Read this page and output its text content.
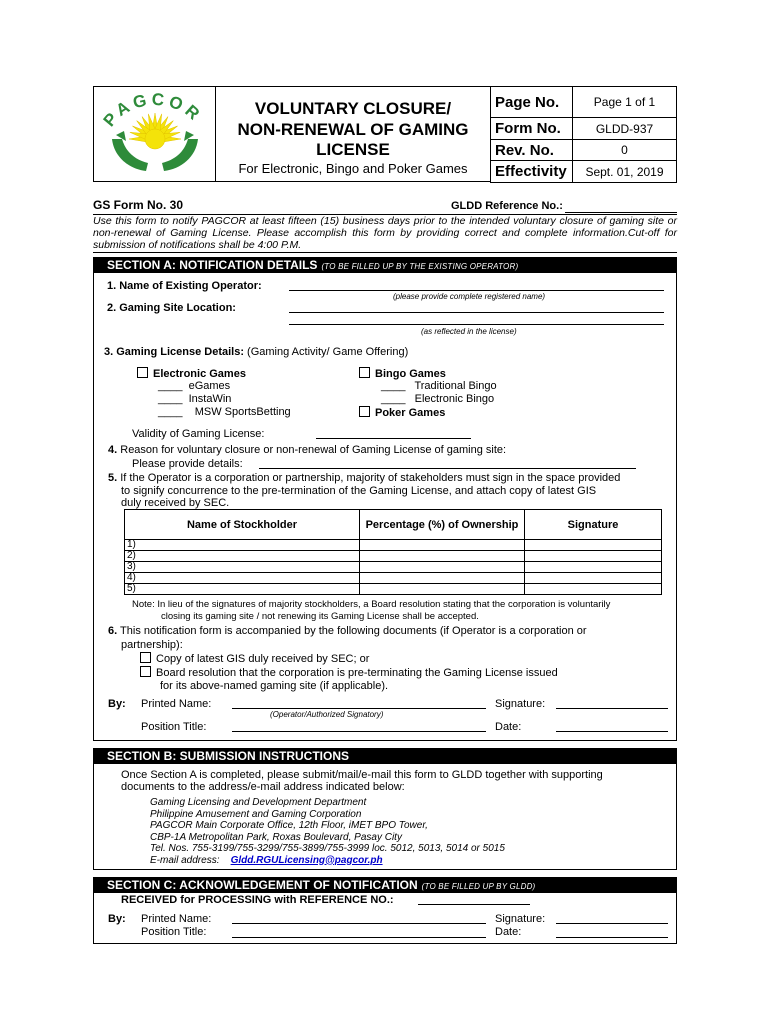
PAGCOR	VOLUNTARY CLOSURE/
NON-RENEWAL OF GAMING
LICENSE
For Electronic, Bingo and Poker Games
Page No.	Page 1 of 1
Form No.	GLDD-937
Rev. No.	0
Effectivity	Sept. 01, 2019
GS Form No. 30	GLDD Reference No.:
Use this form to notify PAGCOR at least fifteen (15) business days prior to the intended voluntary closure of gaming site or non-renewal of Gaming License. Please accomplish this form by providing correct and complete information.Cut-off for submission of notifications shall be 4:00 P.M.
SECTION A: NOTIFICATION DETAILS (TO BE FILLED UP BY THE EXISTING OPERATOR)
1. Name of Existing Operator:
(please provide complete registered name)
2. Gaming Site Location:
(as reflected in the license)
3. Gaming License Details: (Gaming Activity/ Game Offering)
Electronic Games
____  eGames
____  InstaWin
____    MSW SportsBetting
Bingo Games
____   Traditional Bingo
____   Electronic Bingo
Poker Games
Validity of Gaming License:
4. Reason for voluntary closure or non-renewal of Gaming License of gaming site:
Please provide details:
5. If the Operator is a corporation or partnership, majority of stakeholders must sign in the space provided
to signify concurrence to the pre-termination of the Gaming License, and attach copy of latest GIS
duly received by SEC.
Name of Stockholder	Percentage (%) of Ownership	Signature
1)		
2)		
3)		
4)		
5)		
Note: In lieu of the signatures of majority stockholders, a Board resolution stating that the corporation is voluntarily
closing its gaming site / not renewing its Gaming License shall be accepted.
6. This notification form is accompanied by the following documents (if Operator is a corporation or
partnership):
Copy of latest GIS duly received by SEC; or
Board resolution that the corporation is pre-terminating the Gaming License issued
for its above-named gaming site (if applicable).
By: Printed Name:
(Operator/Authorized Signatory)
Signature:
Position Title:	Date:
SECTION B: SUBMISSION INSTRUCTIONS
Once Section A is completed, please submit/mail/e-mail this form to GLDD together with supporting
documents to the address/e-mail address indicated below:
Gaming Licensing and Development Department
Philippine Amusement and Gaming Corporation
PAGCOR Main Corporate Office, 12th Floor, iMET BPO Tower,
CBP-1A Metropolitan Park, Roxas Boulevard, Pasay City
Tel. Nos. 755-3199/755-3299/755-3899/755-3999 loc. 5012, 5013, 5014 or 5015
E-mail address: Gldd.RGULicensing@pagcor.ph
SECTION C: ACKNOWLEDGEMENT OF NOTIFICATION (TO BE FILLED UP BY GLDD)
RECEIVED for PROCESSING with REFERENCE NO.:
By: Printed Name:	Signature:
Position Title:	Date:
